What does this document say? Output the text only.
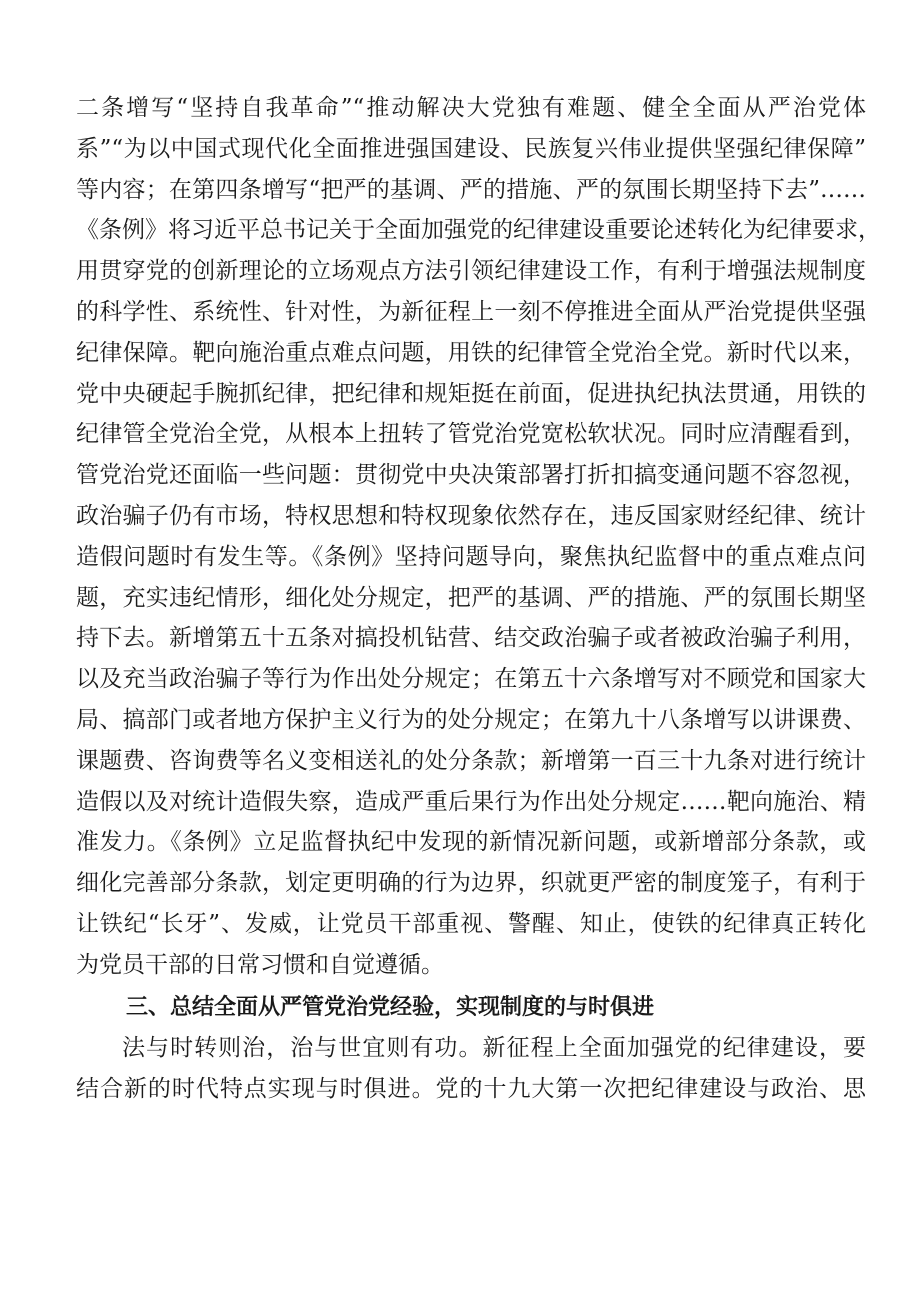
二条增写“坚持自我革命”“推动解决大党独有难题、健全全面从严治党体
系”“为以中国式现代化全面推进强国建设、民族复兴伟业提供坚强纪律保障”
等内容；在第四条增写“把严的基调、严的措施、严的氛围长期坚持下去”……
《条例》将习近平总书记关于全面加强党的纪律建设重要论述转化为纪律要求，
用贯穿党的创新理论的立场观点方法引领纪律建设工作，有利于增强法规制度
的科学性、系统性、针对性，为新征程上一刻不停推进全面从严治党提供坚强
纪律保障。靶向施治重点难点问题，用铁的纪律管全党治全党。新时代以来，
党中央硬起手腕抓纪律，把纪律和规矩挺在前面，促进执纪执法贯通，用铁的
纪律管全党治全党，从根本上扭转了管党治党宽松软状况。同时应清醒看到，
管党治党还面临一些问题：贯彻党中央决策部署打折扣搞变通问题不容忽视，
政治骗子仍有市场，特权思想和特权现象依然存在，违反国家财经纪律、统计
造假问题时有发生等。《条例》坚持问题导向，聚焦执纪监督中的重点难点问
题，充实违纪情形，细化处分规定，把严的基调、严的措施、严的氛围长期坚
持下去。新增第五十五条对搞投机钻营、结交政治骗子或者被政治骗子利用，
以及充当政治骗子等行为作出处分规定；在第五十六条增写对不顾党和国家大
局、搞部门或者地方保护主义行为的处分规定；在第九十八条增写以讲课费、
课题费、咨询费等名义变相送礼的处分条款；新增第一百三十九条对进行统计
造假以及对统计造假失察，造成严重后果行为作出处分规定……靶向施治、精
准发力。《条例》立足监督执纪中发现的新情况新问题，或新增部分条款，或
细化完善部分条款，划定更明确的行为边界，织就更严密的制度笼子，有利于
让铁纪“长牙”、发威，让党员干部重视、警醒、知止，使铁的纪律真正转化
为党员干部的日常习惯和自觉遵循。
三、总结全面从严管党治党经验，实现制度的与时俱进
法与时转则治，治与世宜则有功。新征程上全面加强党的纪律建设，要
结合新的时代特点实现与时俱进。党的十九大第一次把纪律建设与政治、思
